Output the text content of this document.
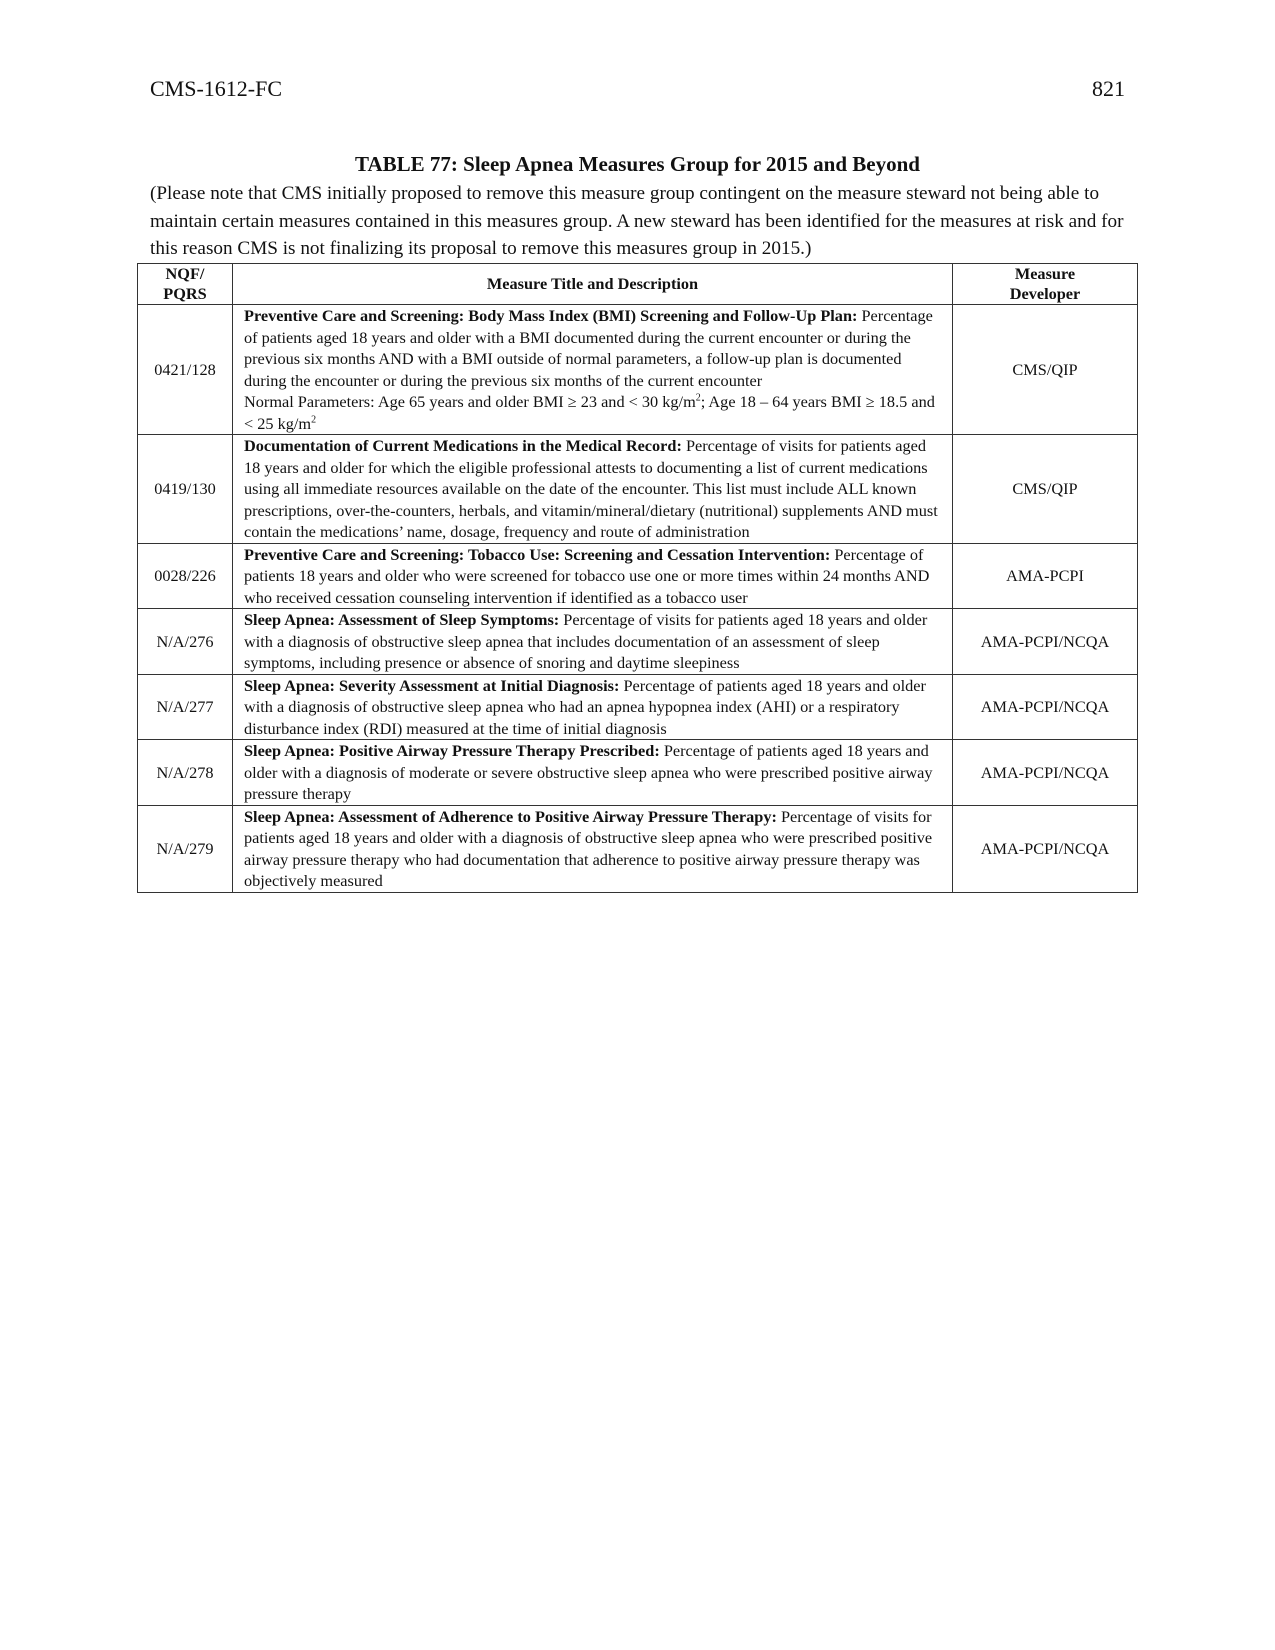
CMS-1612-FC	821
TABLE 77: Sleep Apnea Measures Group for 2015 and Beyond
(Please note that CMS initially proposed to remove this measure group contingent on the measure steward not being able to maintain certain measures contained in this measures group. A new steward has been identified for the measures at risk and for this reason CMS is not finalizing its proposal to remove this measures group in 2015.)
NQF/
PQRS	Measure Title and Description	Measure
Developer
0421/128	Preventive Care and Screening: Body Mass Index (BMI) Screening and Follow-Up Plan: Percentage of patients aged 18 years and older with a BMI documented during the current encounter or during the previous six months AND with a BMI outside of normal parameters, a follow-up plan is documented during the encounter or during the previous six months of the current encounter
Normal Parameters: Age 65 years and older BMI ≥ 23 and < 30 $kg/m^2$; Age 18 – 64 years BMI ≥ 18.5 and < 25 $kg/m^2$	CMS/QIP
0419/130	Documentation of Current Medications in the Medical Record: Percentage of visits for patients aged 18 years and older for which the eligible professional attests to documenting a list of current medications using all immediate resources available on the date of the encounter. This list must include ALL known prescriptions, over-the-counters, herbals, and vitamin/mineral/dietary (nutritional) supplements AND must contain the medications’ name, dosage, frequency and route of administration	CMS/QIP
0028/226	Preventive Care and Screening: Tobacco Use: Screening and Cessation Intervention: Percentage of patients 18 years and older who were screened for tobacco use one or more times within 24 months AND who received cessation counseling intervention if identified as a tobacco user	AMA-PCPI
N/A/276	Sleep Apnea: Assessment of Sleep Symptoms: Percentage of visits for patients aged 18 years and older with a diagnosis of obstructive sleep apnea that includes documentation of an assessment of sleep symptoms, including presence or absence of snoring and daytime sleepiness	AMA-PCPI/NCQA
N/A/277	Sleep Apnea: Severity Assessment at Initial Diagnosis: Percentage of patients aged 18 years and older with a diagnosis of obstructive sleep apnea who had an apnea hypopnea index (AHI) or a respiratory disturbance index (RDI) measured at the time of initial diagnosis	AMA-PCPI/NCQA
N/A/278	Sleep Apnea: Positive Airway Pressure Therapy Prescribed: Percentage of patients aged 18 years and older with a diagnosis of moderate or severe obstructive sleep apnea who were prescribed positive airway pressure therapy	AMA-PCPI/NCQA
N/A/279	Sleep Apnea: Assessment of Adherence to Positive Airway Pressure Therapy: Percentage of visits for patients aged 18 years and older with a diagnosis of obstructive sleep apnea who were prescribed positive airway pressure therapy who had documentation that adherence to positive airway pressure therapy was objectively measured	AMA-PCPI/NCQA
